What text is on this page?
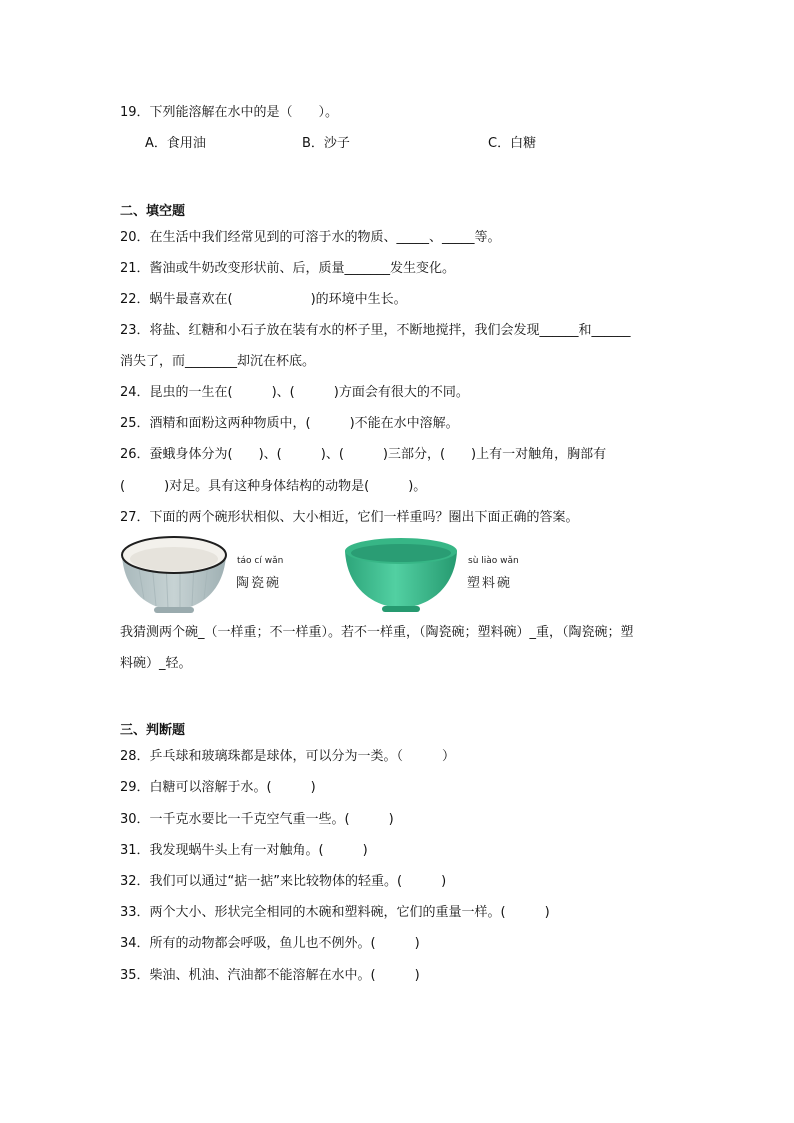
19．下列能溶解在水中的是（　　）。
A．食用油	B．沙子	C．白糖
二、填空题
20．在生活中我们经常见到的可溶于水的物质、_____、_____等。
21．酱油或牛奶改变形状前、后，质量_______发生变化。
22．蜗牛最喜欢在(　　　　　　)的环境中生长。
23．将盐、红糖和小石子放在装有水的杯子里，不断地搅拌，我们会发现______和______
消失了，而________却沉在杯底。
24．昆虫的一生在(　　　)、(　　　)方面会有很大的不同。
25．酒精和面粉这两种物质中，(　　　)不能在水中溶解。
26．蚕蛾身体分为(　　)、(　　　)、(　　　)三部分，(　　)上有一对触角，胸部有
(　　　)对足。具有这种身体结构的动物是(　　　)。
27．下面的两个碗形状相似、大小相近，它们一样重吗？圈出下面正确的答案。
táo cí wǎn
陶瓷碗
sù liào wǎn
塑料碗
我猜测两个碗_（一样重；不一样重）。若不一样重，（陶瓷碗；塑料碗）_重，（陶瓷碗；塑
料碗）_轻。
三、判断题
28．乒乓球和玻璃珠都是球体，可以分为一类。（　　　）
29．白糖可以溶解于水。(　　　)
30．一千克水要比一千克空气重一些。(　　　)
31．我发现蜗牛头上有一对触角。(　　　)
32．我们可以通过“掂一掂”来比较物体的轻重。(　　　)
33．两个大小、形状完全相同的木碗和塑料碗，它们的重量一样。(　　　)
34．所有的动物都会呼吸，鱼儿也不例外。(　　　)
35．柴油、机油、汽油都不能溶解在水中。(　　　)
